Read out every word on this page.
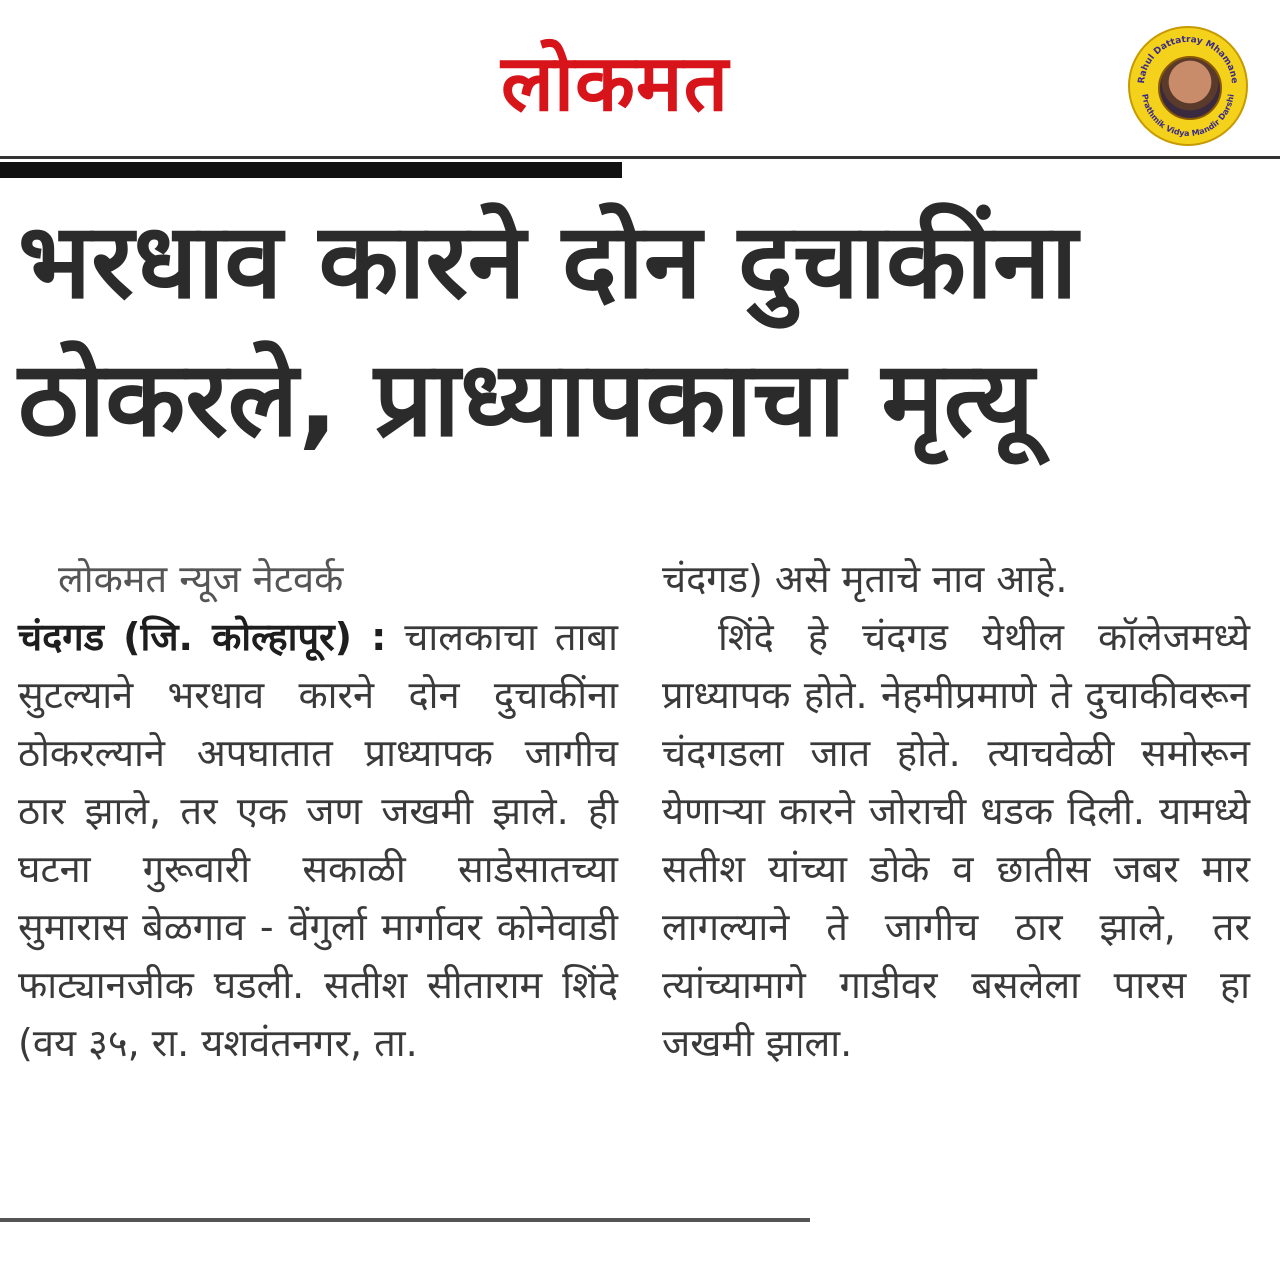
लोकमत	Rahul Dattatray Mhamane
Prathmik Vidya Mandir Darshi
भरधाव कारने दोन दुचाकींना
ठोकरले, प्राध्यापकाचा मृत्यू

लोकमत न्यूज नेटवर्क

चंदगड (जि. कोल्हापूर) : चालकाचा ताबा सुटल्याने भरधाव कारने दोन दुचाकींना ठोकरल्याने अपघातात प्राध्यापक जागीच ठार झाले, तर एक जण जखमी झाले. ही घटना गुरूवारी सकाळी साडेसातच्या सुमारास बेळगाव - वेंगुर्ला मार्गावर कोनेवाडी फाट्यानजीक घडली. सतीश सीताराम शिंदे (वय ३५, रा. यशवंतनगर, ता.

चंदगड) असे मृताचे नाव आहे.

शिंदे हे चंदगड येथील कॉलेजमध्ये प्राध्यापक होते. नेहमीप्रमाणे ते दुचाकीवरून चंदगडला जात होते. त्याचवेळी समोरून येणाऱ्या कारने जोराची धडक दिली. यामध्ये सतीश यांच्या डोके व छातीस जबर मार लागल्याने ते जागीच ठार झाले, तर त्यांच्यामागे गाडीवर बसलेला पारस हा जखमी झाला.
